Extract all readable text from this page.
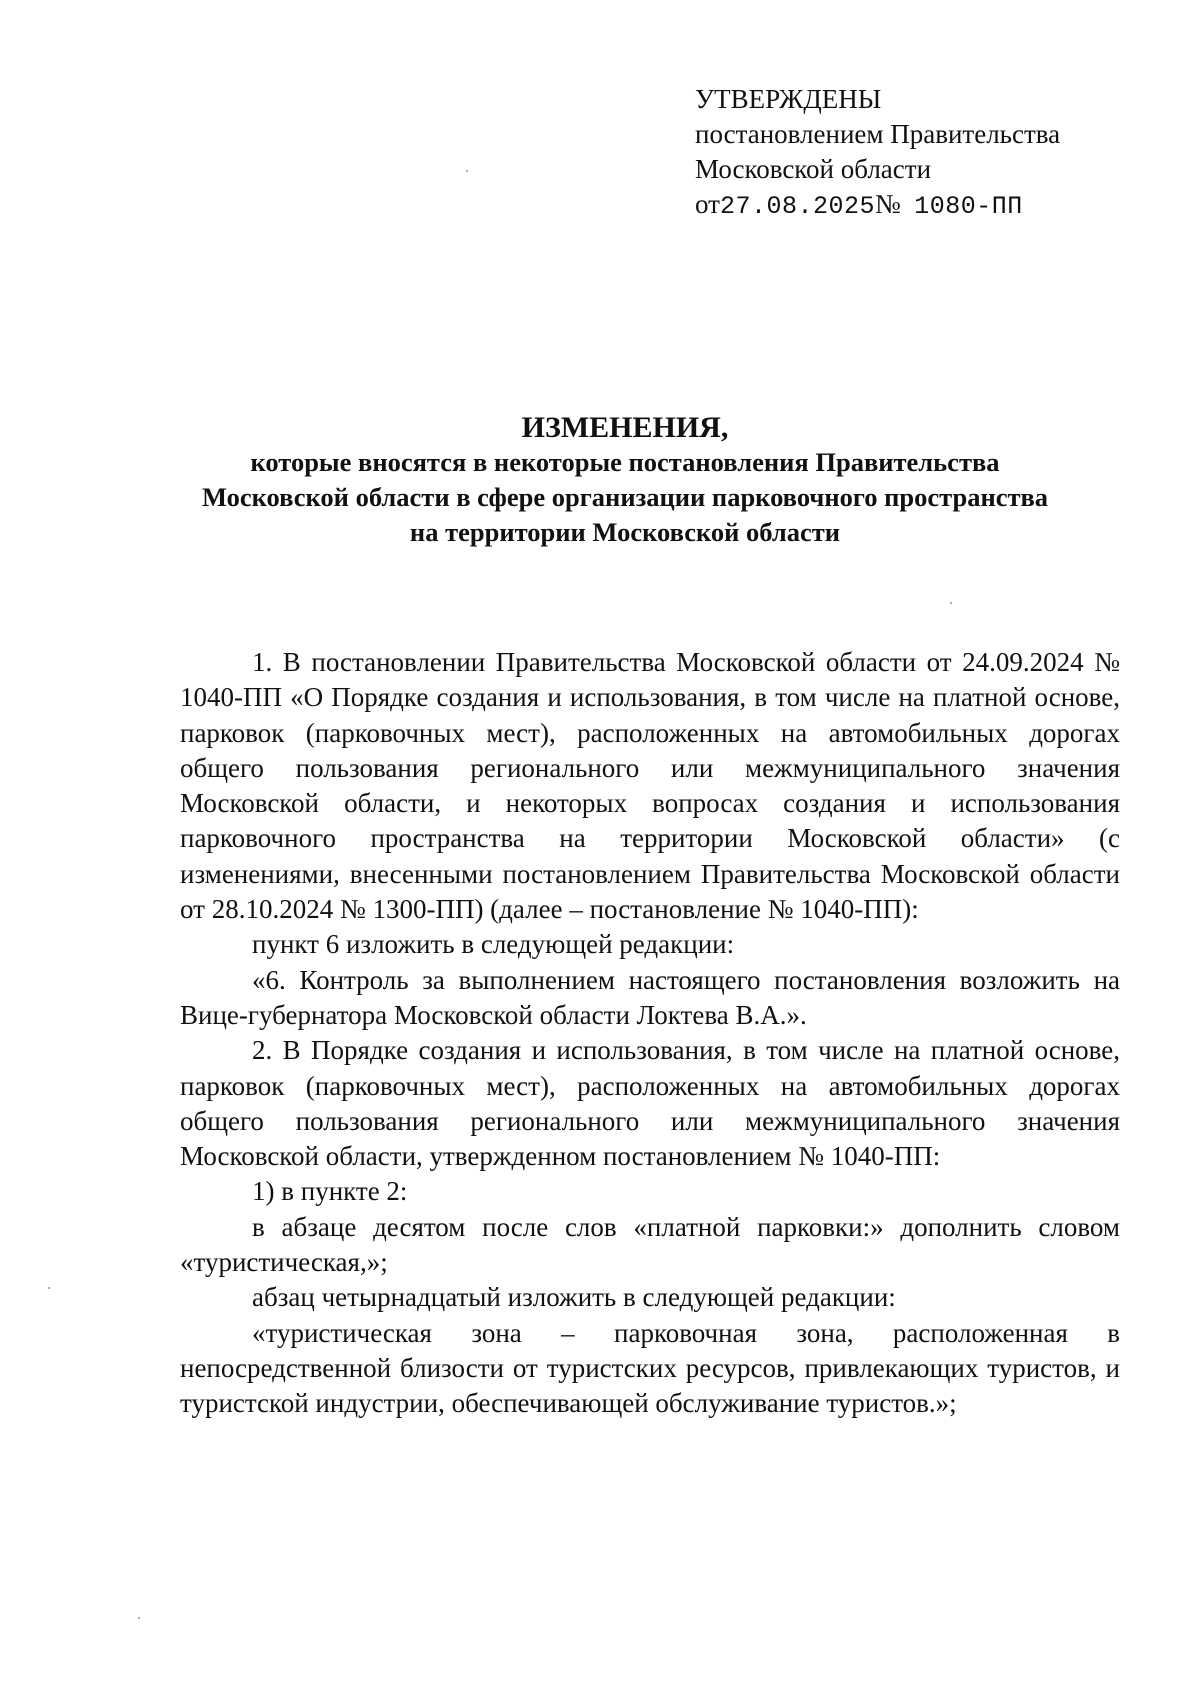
УТВЕРЖДЕНЫ
постановлением Правительства
Московской области
от27.08.2025№ 1080-ПП
ИЗМЕНЕНИЯ,
которые вносятся в некоторые постановления Правительства
Московской области в сфере организации парковочного пространства
на территории Московской области

1. В постановлении Правительства Московской области от 24.09.2024 № 1040-ПП «О Порядке создания и использования, в том числе на платной основе, парковок (парковочных мест), расположенных на автомобильных дорогах общего пользования регионального или межмуниципального значения Московской области, и некоторых вопросах создания и использования парковочного пространства на территории Московской области» (с изменениями, внесенными постановлением Правительства Московской области от 28.10.2024 № 1300-ПП) (далее – постановление № 1040-ПП):

пункт 6 изложить в следующей редакции:

«6. Контроль за выполнением настоящего постановления возложить на Вице-губернатора Московской области Локтева В.А.».

2. В Порядке создания и использования, в том числе на платной основе, парковок (парковочных мест), расположенных на автомобильных дорогах общего пользования регионального или межмуниципального значения Московской области, утвержденном постановлением № 1040-ПП:

1) в пункте 2:

в абзаце десятом после слов «платной парковки:» дополнить словом «туристическая,»;

абзац четырнадцатый изложить в следующей редакции:

«туристическая зона – парковочная зона, расположенная в непосредственной близости от туристских ресурсов, привлекающих туристов, и туристской индустрии, обеспечивающей обслуживание туристов.»;
